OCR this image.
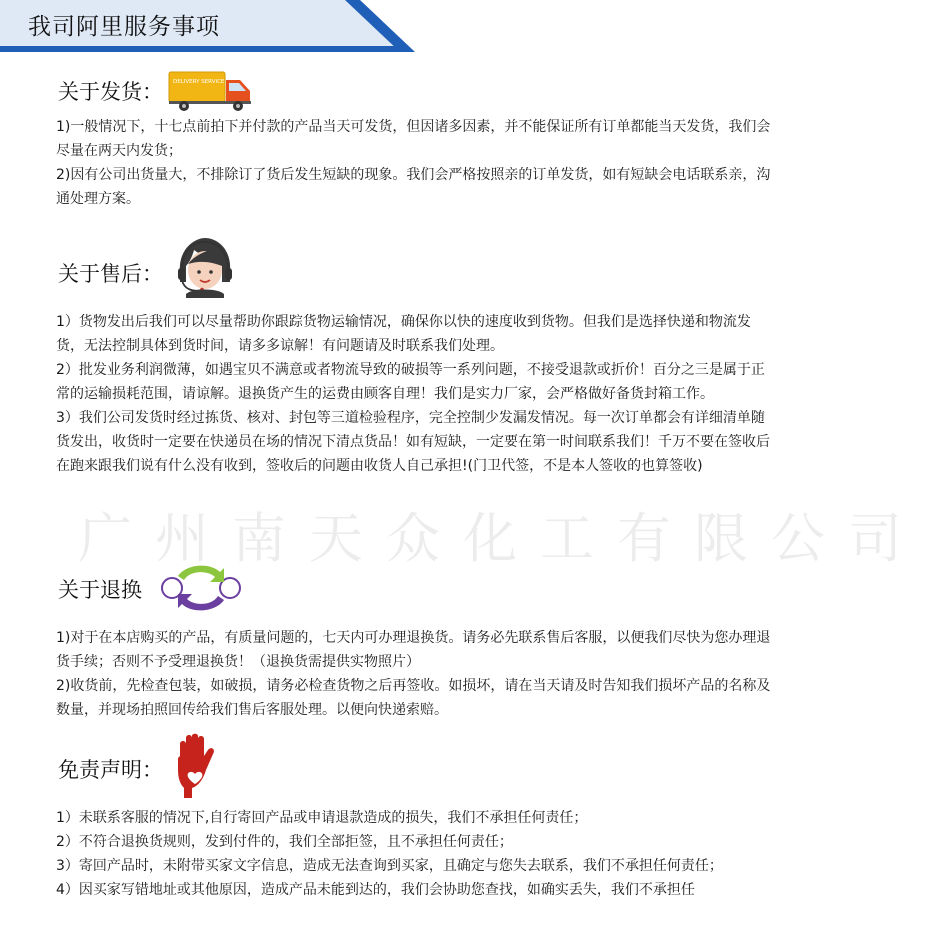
我司阿里服务事项
关于发货： DELIVERY SERVICE

1)一般情况下，十七点前拍下并付款的产品当天可发货，但因诸多因素，并不能保证所有订单都能当天发货，我们会尽量在两天内发货；

2)因有公司出货量大，不排除订了货后发生短缺的现象。我们会严格按照亲的订单发货，如有短缺会电话联系亲，沟通处理方案。

关于售后：

1）货物发出后我们可以尽量帮助你跟踪货物运输情况，确保你以快的速度收到货物。但我们是选择快递和物流发货，无法控制具体到货时间，请多多谅解！有问题请及时联系我们处理。

2）批发业务利润微薄，如遇宝贝不满意或者物流导致的破损等一系列问题，不接受退款或折价！百分之三是属于正常的运输损耗范围，请谅解。退换货产生的运费由顾客自理！我们是实力厂家，会严格做好备货封箱工作。

3）我们公司发货时经过拣货、核对、封包等三道检验程序，完全控制少发漏发情况。每一次订单都会有详细清单随货发出，收货时一定要在快递员在场的情况下清点货品！如有短缺，一定要在第一时间联系我们！千万不要在签收后在跑来跟我们说有什么没有收到，签收后的问题由收货人自己承担!(门卫代签，不是本人签收的也算签收)

广州南天众化工有限公司
关于退换

1)对于在本店购买的产品，有质量问题的，七天内可办理退换货。请务必先联系售后客服，以便我们尽快为您办理退货手续；否则不予受理退换货！（退换货需提供实物照片）

2)收货前，先检查包装，如破损，请务必检查货物之后再签收。如损坏，请在当天请及时告知我们损坏产品的名称及数量，并现场拍照回传给我们售后客服处理。以便向快递索赔。

免责声明：

1）未联系客服的情况下,自行寄回产品或申请退款造成的损失，我们不承担任何责任；

2）不符合退换货规则，发到付件的，我们全部拒签，且不承担任何责任；

3）寄回产品时，未附带买家文字信息，造成无法查询到买家，且确定与您失去联系，我们不承担任何责任；

4）因买家写错地址或其他原因，造成产品未能到达的，我们会协助您查找，如确实丢失，我们不承担任
